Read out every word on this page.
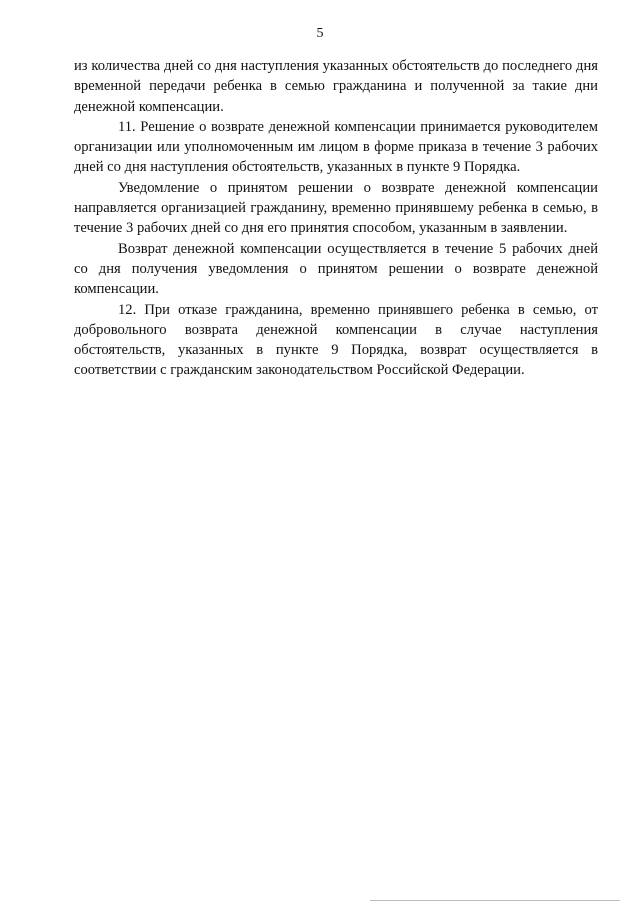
5

из количества дней со дня наступления указанных обстоятельств до последнего дня временной передачи ребенка в семью гражданина и полученной за такие дни денежной компенсации.

11. Решение о возврате денежной компенсации принимается руководителем организации или уполномоченным им лицом в форме приказа в течение 3 рабочих дней со дня наступления обстоятельств, указанных в пункте 9 Порядка.

Уведомление о принятом решении о возврате денежной компенсации направляется организацией гражданину, временно принявшему ребенка в семью, в течение 3 рабочих дней со дня его принятия способом, указанным в заявлении.

Возврат денежной компенсации осуществляется в течение 5 рабочих дней со дня получения уведомления о принятом решении о возврате денежной компенсации.

12. При отказе гражданина, временно принявшего ребенка в семью, от добровольного возврата денежной компенсации в случае наступления обстоятельств, указанных в пункте 9 Порядка, возврат осуществляется в соответствии с гражданским законодательством Российской Федерации.
